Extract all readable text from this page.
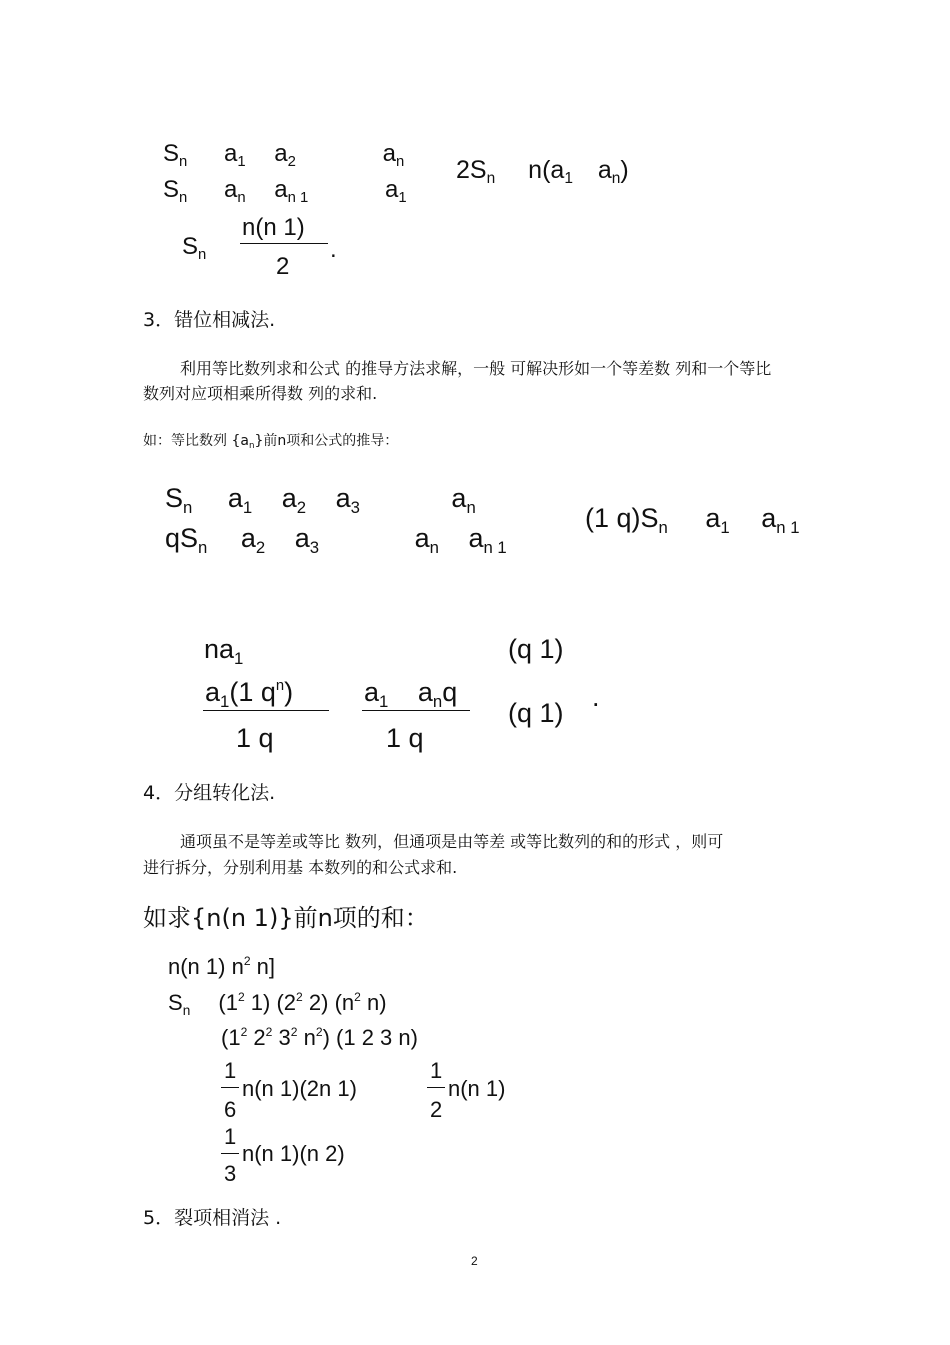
$S_n$ $a_1$ $a_2$	$a_n$
$S_n$ $a_n$ $a_{n 1}$	$a_1$
$2S_n$ $n(a_1$ $a_n$)
$S_n$
n(n 1)
2
.
3．错位相减法.
利用等比数列求和公式 的推导方法求解，一般 可解决形如一个等差数 列和一个等比
数列对应项相乘所得数 列的求和.
如：等比数列 $\{a_n\}$前n项和公式的推导：
$S_n$ $a_1$ $a_2$ $a_3$	$a_n$
$qS_n$ $a_2$ $a_3$	$a_n$ $a_{n 1}$
(1 $q)S_n$ $a_1$ $a_{n 1}$
$na_1$	(q 1)
$a_1(1$ $q^n$)
1 q
$a_1$ $a_nq$
1 q
(q 1)
.
4．分组转化法.
通项虽不是等差或等比 数列，但通项是由等差 或等比数列的和的形式 ，则可
进行拆分，分别利用基 本数列的和公式求和.
如求{n(n 1)}前n项的和：
n(n 1) $n^2$ n]
$S_n$ ($1^2$ 1) ($2^2$ 2) ($n^2$ n)
($1^2$ $2^2$ $3^2$ $n^2$) (1 2 3 n)
1
6
n(n 1)(2n 1)
1
2
n(n 1)
1
3
n(n 1)(n 2)
5．裂项相消法 .
2
